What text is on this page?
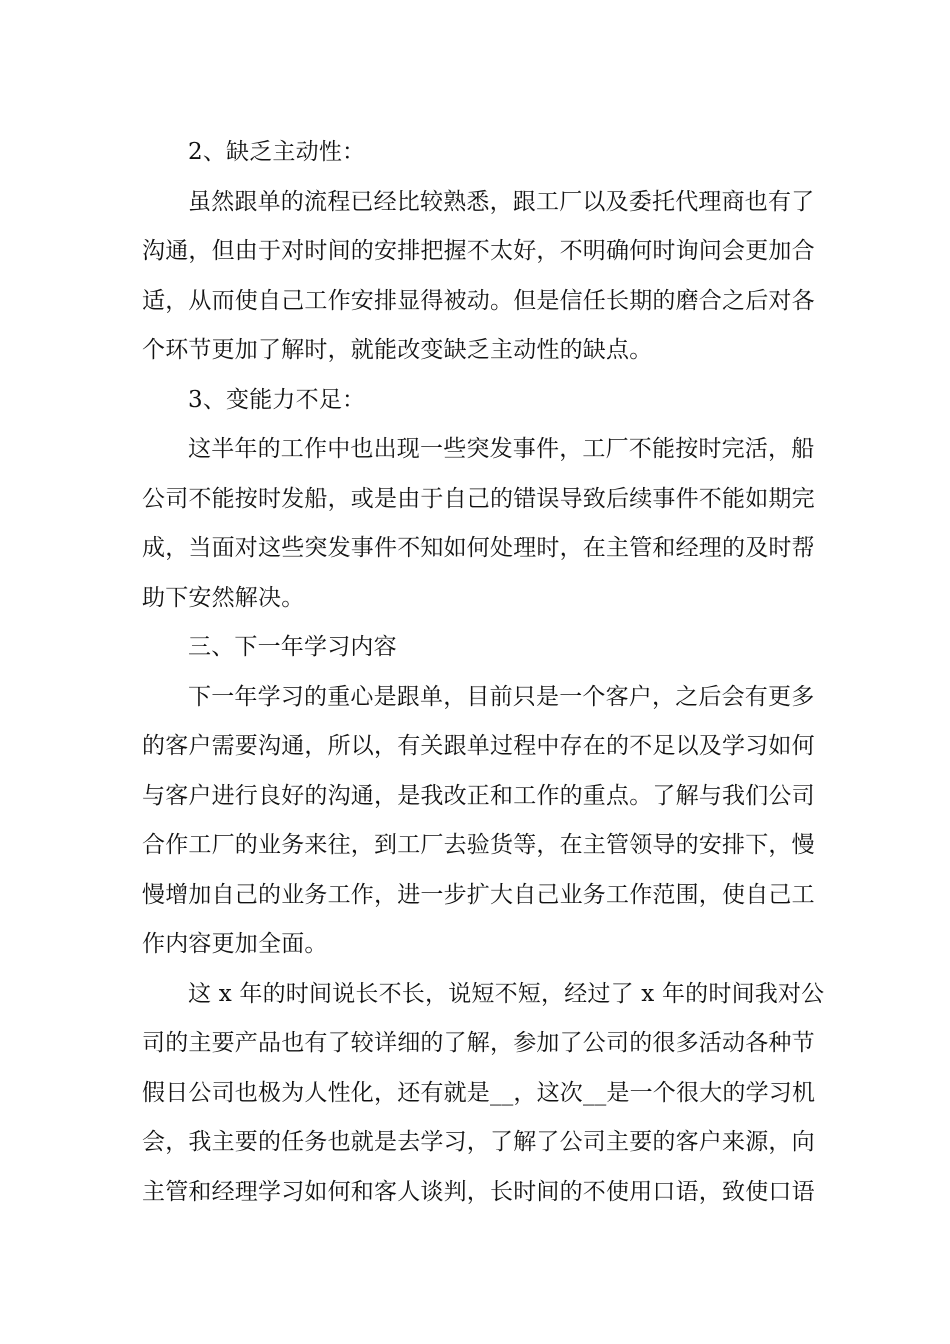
2、缺乏主动性：
虽然跟单的流程已经比较熟悉，跟工厂以及委托代理商也有了
沟通，但由于对时间的安排把握不太好，不明确何时询问会更加合
适，从而使自己工作安排显得被动。但是信任长期的磨合之后对各
个环节更加了解时，就能改变缺乏主动性的缺点。
3、变能力不足：
这半年的工作中也出现一些突发事件，工厂不能按时完活，船
公司不能按时发船，或是由于自己的错误导致后续事件不能如期完
成，当面对这些突发事件不知如何处理时，在主管和经理的及时帮
助下安然解决。
三、下一年学习内容
下一年学习的重心是跟单，目前只是一个客户，之后会有更多
的客户需要沟通，所以，有关跟单过程中存在的不足以及学习如何
与客户进行良好的沟通，是我改正和工作的重点。了解与我们公司
合作工厂的业务来往，到工厂去验货等，在主管领导的安排下，慢
慢增加自己的业务工作，进一步扩大自己业务工作范围，使自己工
作内容更加全面。
这 x 年的时间说长不长，说短不短，经过了 x 年的时间我对公
司的主要产品也有了较详细的了解，参加了公司的很多活动各种节
假日公司也极为人性化，还有就是__，这次__是一个很大的学习机
会，我主要的任务也就是去学习，了解了公司主要的客户来源，向
主管和经理学习如何和客人谈判，长时间的不使用口语，致使口语
